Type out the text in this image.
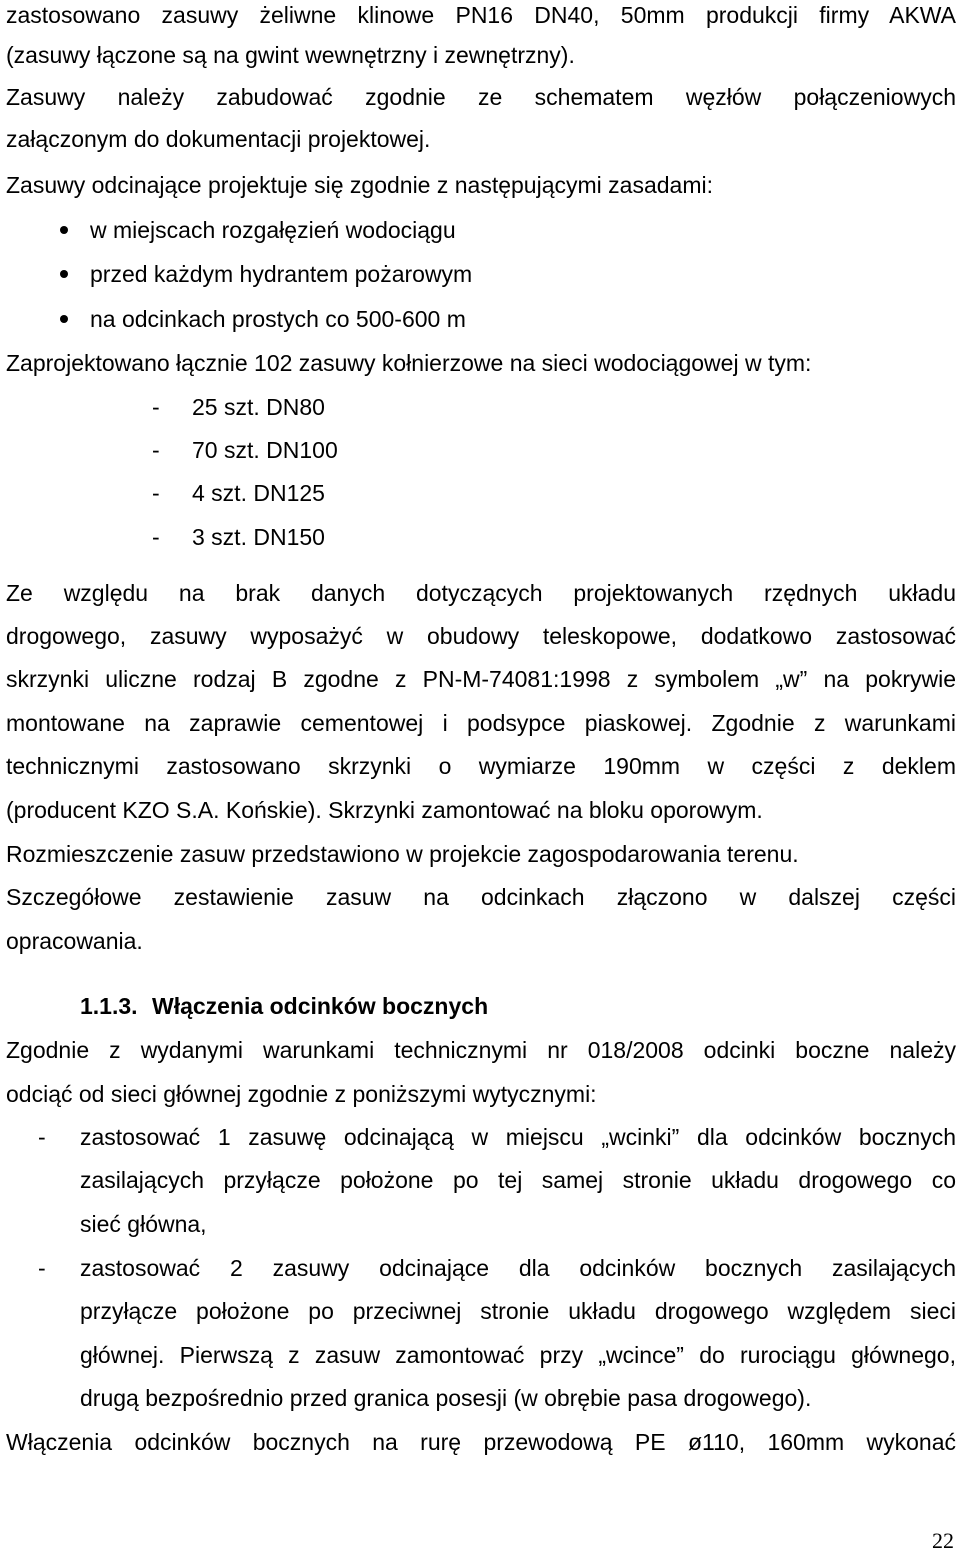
zastosowano zasuwy żeliwne klinowe PN16 DN40, 50mm produkcji firmy AKWA
(zasuwy łączone są na gwint wewnętrzny i zewnętrzny).
Zasuwy należy zabudować zgodnie ze schematem węzłów połączeniowych
załączonym do dokumentacji projektowej.
Zasuwy odcinające projektuje się zgodnie z następującymi zasadami:
w miejscach rozgałęzień wodociągu
przed każdym hydrantem pożarowym
na odcinkach prostych co 500-600 m
Zaprojektowano łącznie 102 zasuwy kołnierzowe na sieci wodociągowej w tym:
- 25 szt. DN80
- 70 szt. DN100
- 4 szt. DN125
- 3 szt. DN150
Ze względu na brak danych dotyczących projektowanych rzędnych układu
drogowego, zasuwy wyposażyć w obudowy teleskopowe, dodatkowo zastosować
skrzynki uliczne rodzaj B zgodne z PN-M-74081:1998 z symbolem „w” na pokrywie
montowane na zaprawie cementowej i podsypce piaskowej. Zgodnie z warunkami
technicznymi zastosowano skrzynki o wymiarze 190mm w części z deklem
(producent KZO S.A. Końskie). Skrzynki zamontować na bloku oporowym.
Rozmieszczenie zasuw przedstawiono w projekcie zagospodarowania terenu.
Szczegółowe zestawienie zasuw na odcinkach złączono w dalszej części
opracowania.
1.1.3. Włączenia odcinków bocznych
Zgodnie z wydanymi warunkami technicznymi nr 018/2008 odcinki boczne należy
odciąć od sieci głównej zgodnie z poniższymi wytycznymi:
- zastosować 1 zasuwę odcinającą w miejscu „wcinki” dla odcinków bocznych
zasilających przyłącze położone po tej samej stronie układu drogowego co
sieć główna,
- zastosować 2 zasuwy odcinające dla odcinków bocznych zasilających
przyłącze położone po przeciwnej stronie układu drogowego względem sieci
głównej. Pierwszą z zasuw zamontować przy „wcince” do rurociągu głównego,
drugą bezpośrednio przed granica posesji (w obrębie pasa drogowego).
Włączenia odcinków bocznych na rurę przewodową PE ø110, 160mm wykonać
22
